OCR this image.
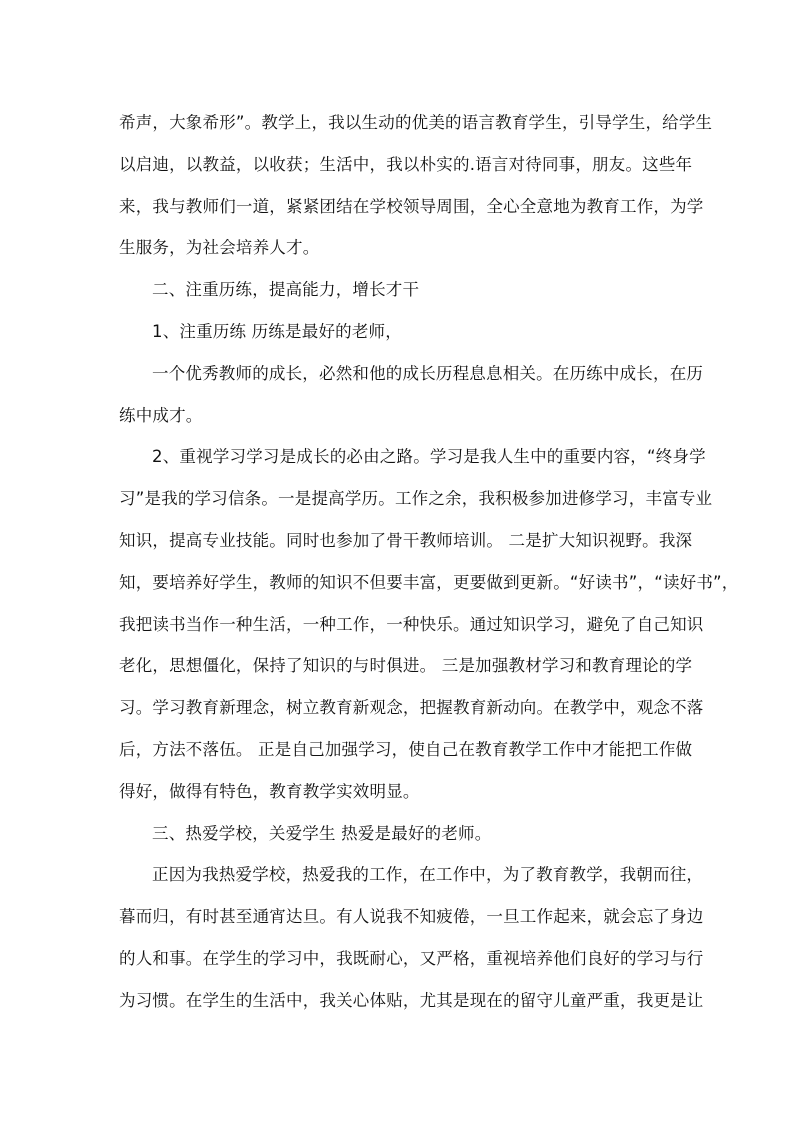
希声，大象希形”。教学上，我以生动的优美的语言教育学生，引导学生，给学生
以启迪，以教益，以收获；生活中，我以朴实的.语言对待同事，朋友。这些年
来，我与教师们一道，紧紧团结在学校领导周围，全心全意地为教育工作，为学
生服务，为社会培养人才。
二、注重历练，提高能力，增长才干
1、注重历练 历练是最好的老师，
一个优秀教师的成长，必然和他的成长历程息息相关。在历练中成长，在历
练中成才。
2、重视学习学习是成长的必由之路。学习是我人生中的重要内容，“终身学
习”是我的学习信条。一是提高学历。工作之余，我积极参加进修学习，丰富专业
知识，提高专业技能。同时也参加了骨干教师培训。 二是扩大知识视野。我深
知，要培养好学生，教师的知识不但要丰富，更要做到更新。“好读书”，“读好书”，
我把读书当作一种生活，一种工作，一种快乐。通过知识学习，避免了自己知识
老化，思想僵化，保持了知识的与时俱进。 三是加强教材学习和教育理论的学
习。学习教育新理念，树立教育新观念，把握教育新动向。在教学中，观念不落
后，方法不落伍。 正是自己加强学习，使自己在教育教学工作中才能把工作做
得好，做得有特色，教育教学实效明显。
三、热爱学校，关爱学生 热爱是最好的老师。
正因为我热爱学校，热爱我的工作，在工作中，为了教育教学，我朝而往，
暮而归，有时甚至通宵达旦。有人说我不知疲倦，一旦工作起来，就会忘了身边
的人和事。在学生的学习中，我既耐心，又严格，重视培养他们良好的学习与行
为习惯。在学生的生活中，我关心体贴，尤其是现在的留守儿童严重，我更是让
